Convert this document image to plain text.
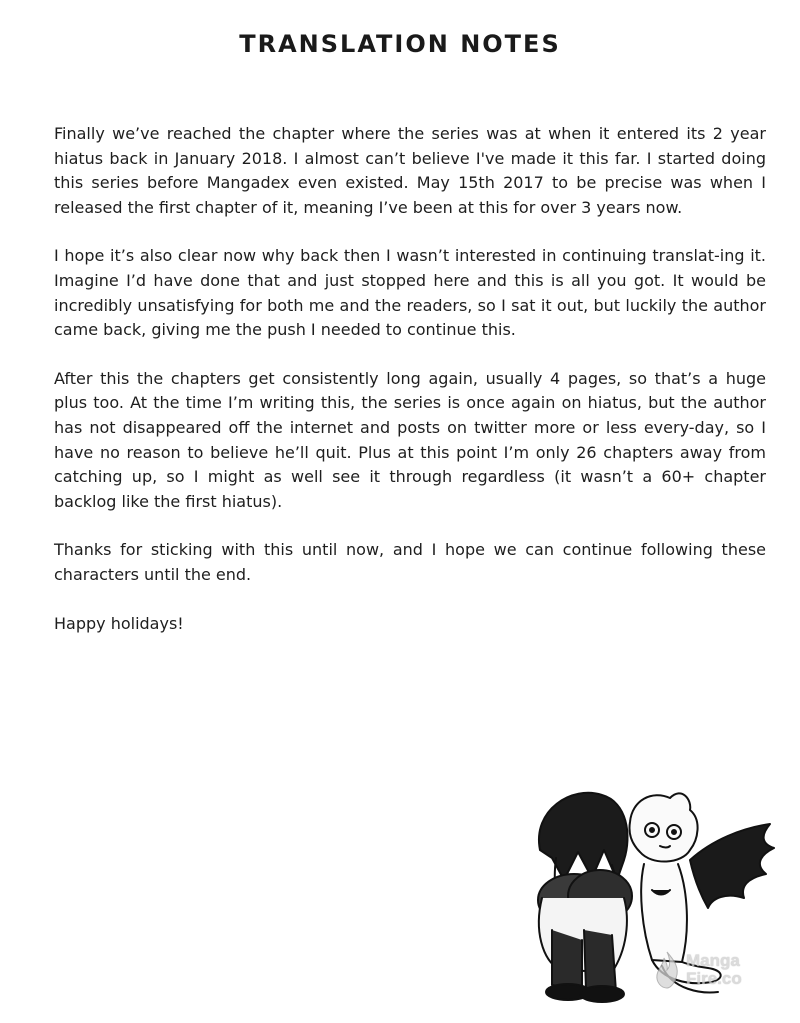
TRANSLATION NOTES

Finally we’ve reached the chapter where the series was at when it entered its 2 year hiatus back in January 2018. I almost can’t believe I've made it this far. I started doing this series before Mangadex even existed. May 15th 2017 to be precise was when I released the first chapter of it, meaning I’ve been at this for over 3 years now.

I hope it’s also clear now why back then I wasn’t interested in continuing translat-ing it. Imagine I’d have done that and just stopped here and this is all you got. It would be incredibly unsatisfying for both me and the readers, so I sat it out, but luckily the author came back, giving me the push I needed to continue this.

After this the chapters get consistently long again, usually 4 pages, so that’s a huge plus too. At the time I’m writing this, the series is once again on hiatus, but the author has not disappeared off the internet and posts on twitter more or less every-day, so I have no reason to believe he’ll quit. Plus at this point I’m only 26 chapters away from catching up, so I might as well see it through regardless (it wasn’t a 60+ chapter backlog like the first hiatus).

Thanks for sticking with this until now, and I hope we can continue following these characters until the end.

Happy holidays!

Manga
Fire.co
